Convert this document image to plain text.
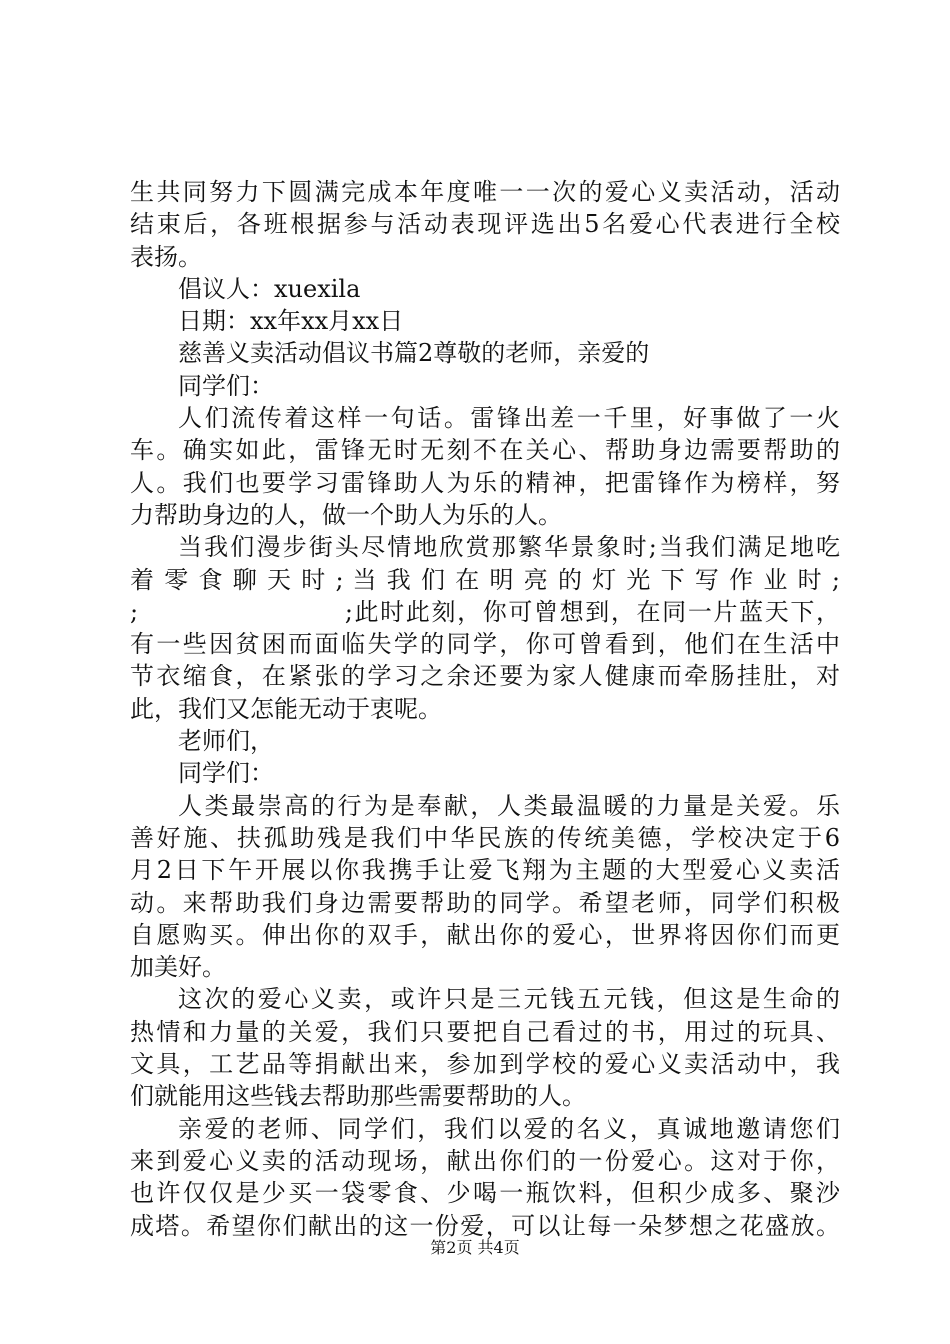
生共同努力下圆满完成本年度唯一一次的爱心义卖活动，活动
结束后，各班根据参与活动表现评选出5名爱心代表进行全校
表扬。
倡议人：xuexila
日期：xx年xx月xx日
慈善义卖活动倡议书篇2尊敬的老师，亲爱的
同学们：
人们流传着这样一句话。雷锋出差一千里，好事做了一火
车。确实如此，雷锋无时无刻不在关心、帮助身边需要帮助的
人。我们也要学习雷锋助人为乐的精神，把雷锋作为榜样，努
力帮助身边的人，做一个助人为乐的人。
当我们漫步街头尽情地欣赏那繁华景象时;当我们满足地吃
着 零 食 聊 天 时 ; 当 我 们 在 明 亮 的 灯 光 下 写 作 业 时 ;
;　　　　　　　　;此时此刻，你可曾想到，在同一片蓝天下，
有一些因贫困而面临失学的同学，你可曾看到，他们在生活中
节衣缩食，在紧张的学习之余还要为家人健康而牵肠挂肚，对
此，我们又怎能无动于衷呢。
老师们，
同学们：
人类最崇高的行为是奉献，人类最温暖的力量是关爱。乐
善好施、扶孤助残是我们中华民族的传统美德，学校决定于6
月2日下午开展以你我携手让爱飞翔为主题的大型爱心义卖活
动。来帮助我们身边需要帮助的同学。希望老师，同学们积极
自愿购买。伸出你的双手，献出你的爱心，世界将因你们而更
加美好。
这次的爱心义卖，或许只是三元钱五元钱，但这是生命的
热情和力量的关爱，我们只要把自己看过的书，用过的玩具、
文具，工艺品等捐献出来，参加到学校的爱心义卖活动中，我
们就能用这些钱去帮助那些需要帮助的人。
亲爱的老师、同学们，我们以爱的名义，真诚地邀请您们
来到爱心义卖的活动现场，献出你们的一份爱心。这对于你，
也许仅仅是少买一袋零食、少喝一瓶饮料，但积少成多、聚沙
成塔。希望你们献出的这一份爱，可以让每一朵梦想之花盛放。
第2页 共4页
